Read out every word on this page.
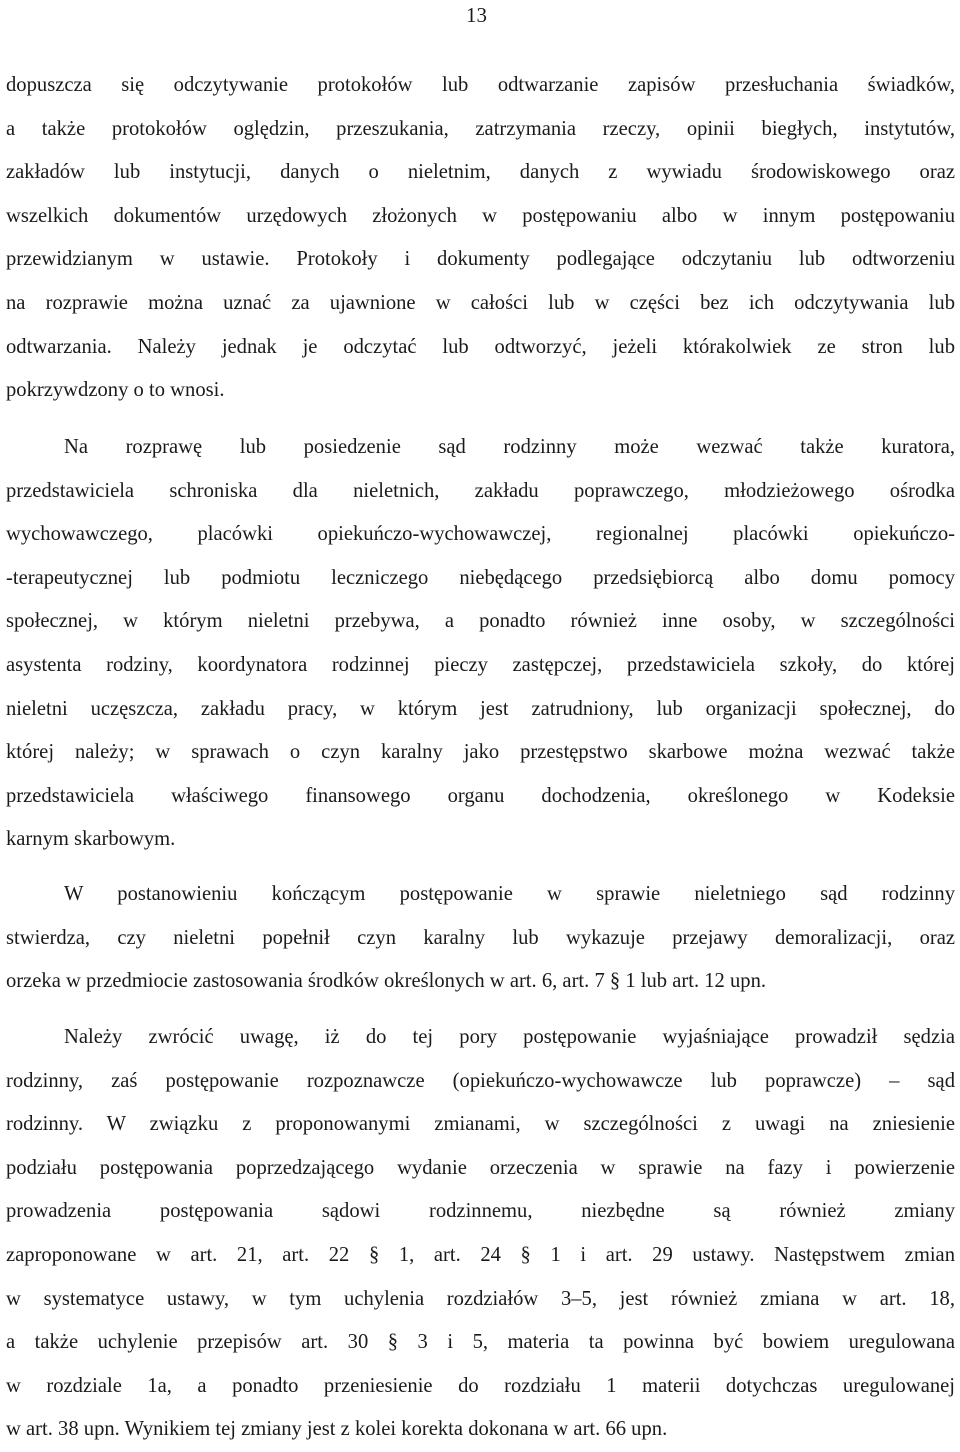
13
dopuszcza się odczytywanie protokołów lub odtwarzanie zapisów przesłuchania świadków,
a także protokołów oględzin, przeszukania, zatrzymania rzeczy, opinii biegłych, instytutów,
zakładów lub instytucji, danych o nieletnim, danych z wywiadu środowiskowego oraz
wszelkich dokumentów urzędowych złożonych w postępowaniu albo w innym postępowaniu
przewidzianym w ustawie. Protokoły i dokumenty podlegające odczytaniu lub odtworzeniu
na rozprawie można uznać za ujawnione w całości lub w części bez ich odczytywania lub
odtwarzania. Należy jednak je odczytać lub odtworzyć, jeżeli którakolwiek ze stron lub
pokrzywdzony o to wnosi.
Na rozprawę lub posiedzenie sąd rodzinny może wezwać także kuratora,
przedstawiciela schroniska dla nieletnich, zakładu poprawczego, młodzieżowego ośrodka
wychowawczego, placówki opiekuńczo-wychowawczej, regionalnej placówki opiekuńczo-
-terapeutycznej lub podmiotu leczniczego niebędącego przedsiębiorcą albo domu pomocy
społecznej, w którym nieletni przebywa, a ponadto również inne osoby, w szczególności
asystenta rodziny, koordynatora rodzinnej pieczy zastępczej, przedstawiciela szkoły, do której
nieletni uczęszcza, zakładu pracy, w którym jest zatrudniony, lub organizacji społecznej, do
której należy; w sprawach o czyn karalny jako przestępstwo skarbowe można wezwać także
przedstawiciela właściwego finansowego organu dochodzenia, określonego w Kodeksie
karnym skarbowym.
W postanowieniu kończącym postępowanie w sprawie nieletniego sąd rodzinny
stwierdza, czy nieletni popełnił czyn karalny lub wykazuje przejawy demoralizacji, oraz
orzeka w przedmiocie zastosowania środków określonych w art. 6, art. 7 § 1 lub art. 12 upn.
Należy zwrócić uwagę, iż do tej pory postępowanie wyjaśniające prowadził sędzia
rodzinny, zaś postępowanie rozpoznawcze (opiekuńczo-wychowawcze lub poprawcze) – sąd
rodzinny. W związku z proponowanymi zmianami, w szczególności z uwagi na zniesienie
podziału postępowania poprzedzającego wydanie orzeczenia w sprawie na fazy i powierzenie
prowadzenia postępowania sądowi rodzinnemu, niezbędne są również zmiany
zaproponowane w art. 21, art. 22 § 1, art. 24 § 1 i art. 29 ustawy. Następstwem zmian
w systematyce ustawy, w tym uchylenia rozdziałów 3–5, jest również zmiana w art. 18,
a także uchylenie przepisów art. 30 § 3 i 5, materia ta powinna być bowiem uregulowana
w rozdziale 1a, a ponadto przeniesienie do rozdziału 1 materii dotychczas uregulowanej
w art. 38 upn. Wynikiem tej zmiany jest z kolei korekta dokonana w art. 66 upn.
